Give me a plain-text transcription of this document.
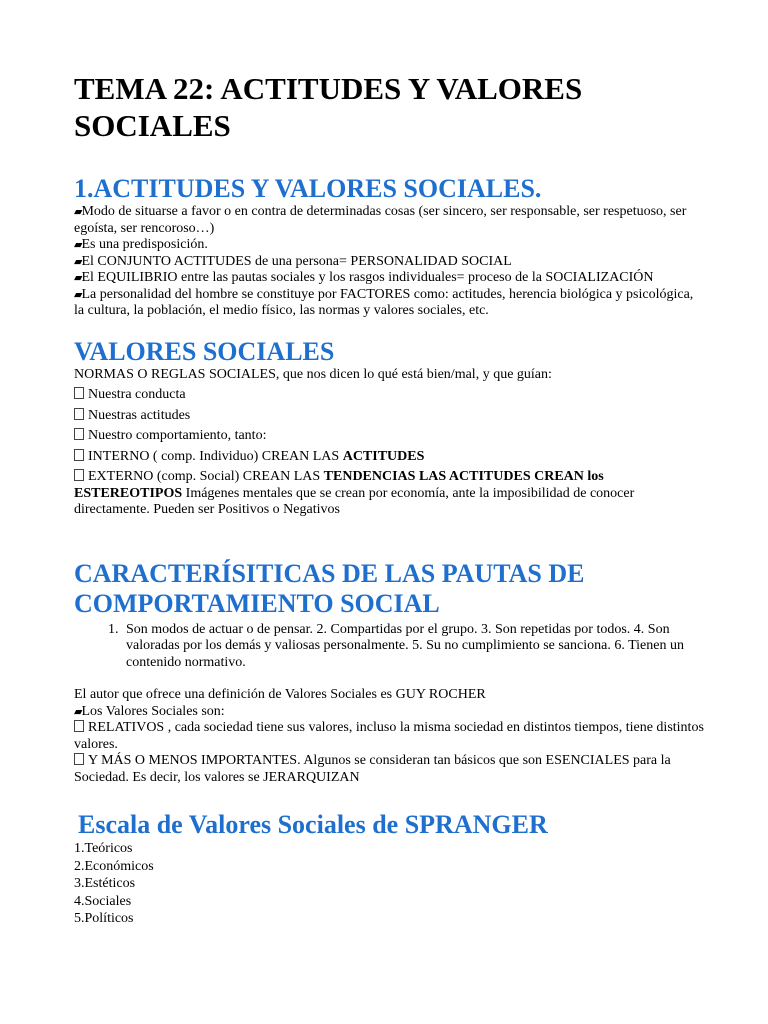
TEMA 22: ACTITUDES Y VALORES SOCIALES
1.ACTITUDES Y VALORES SOCIALES.

▰Modo de situarse a favor o en contra de determinadas cosas (ser sincero, ser responsable, ser respetuoso, ser egoísta, ser rencoroso…)

▰Es una predisposición.

▰El CONJUNTO ACTITUDES de una persona= PERSONALIDAD SOCIAL

▰El EQUILIBRIO entre las pautas sociales y los rasgos individuales= proceso de la SOCIALIZACIÓN

▰La personalidad del hombre se constituye por FACTORES como: actitudes, herencia biológica y psicológica, la cultura, la población, el medio físico, las normas y valores sociales, etc.

VALORES SOCIALES

NORMAS O REGLAS SOCIALES, que nos dicen lo qué está bien/mal, y que guían:

Nuestra conducta

Nuestras actitudes

Nuestro comportamiento, tanto:

INTERNO ( comp. Individuo) CREAN LAS ACTITUDES

EXTERNO (comp. Social) CREAN LAS TENDENCIAS LAS ACTITUDES CREAN los ESTEREOTIPOS Imágenes mentales que se crean por economía, ante la imposibilidad de conocer directamente. Pueden ser Positivos o Negativos

CARACTERÍSITICAS DE LAS PAUTAS DE COMPORTAMIENTO SOCIAL
1. Son modos de actuar o de pensar. 2. Compartidas por el grupo. 3. Son repetidas por todos. 4. Son valoradas por los demás y valiosas personalmente. 5. Su no cumplimiento se sanciona. 6. Tienen un contenido normativo.

El autor que ofrece una definición de Valores Sociales es GUY ROCHER

▰Los Valores Sociales son:

RELATIVOS , cada sociedad tiene sus valores, incluso la misma sociedad en distintos tiempos, tiene distintos valores.

Y MÁS O MENOS IMPORTANTES. Algunos se consideran tan básicos que son ESENCIALES para la Sociedad. Es decir, los valores se JERARQUIZAN

Escala de Valores Sociales de SPRANGER

1.Teóricos

2.Económicos

3.Estéticos

4.Sociales

5.Políticos
